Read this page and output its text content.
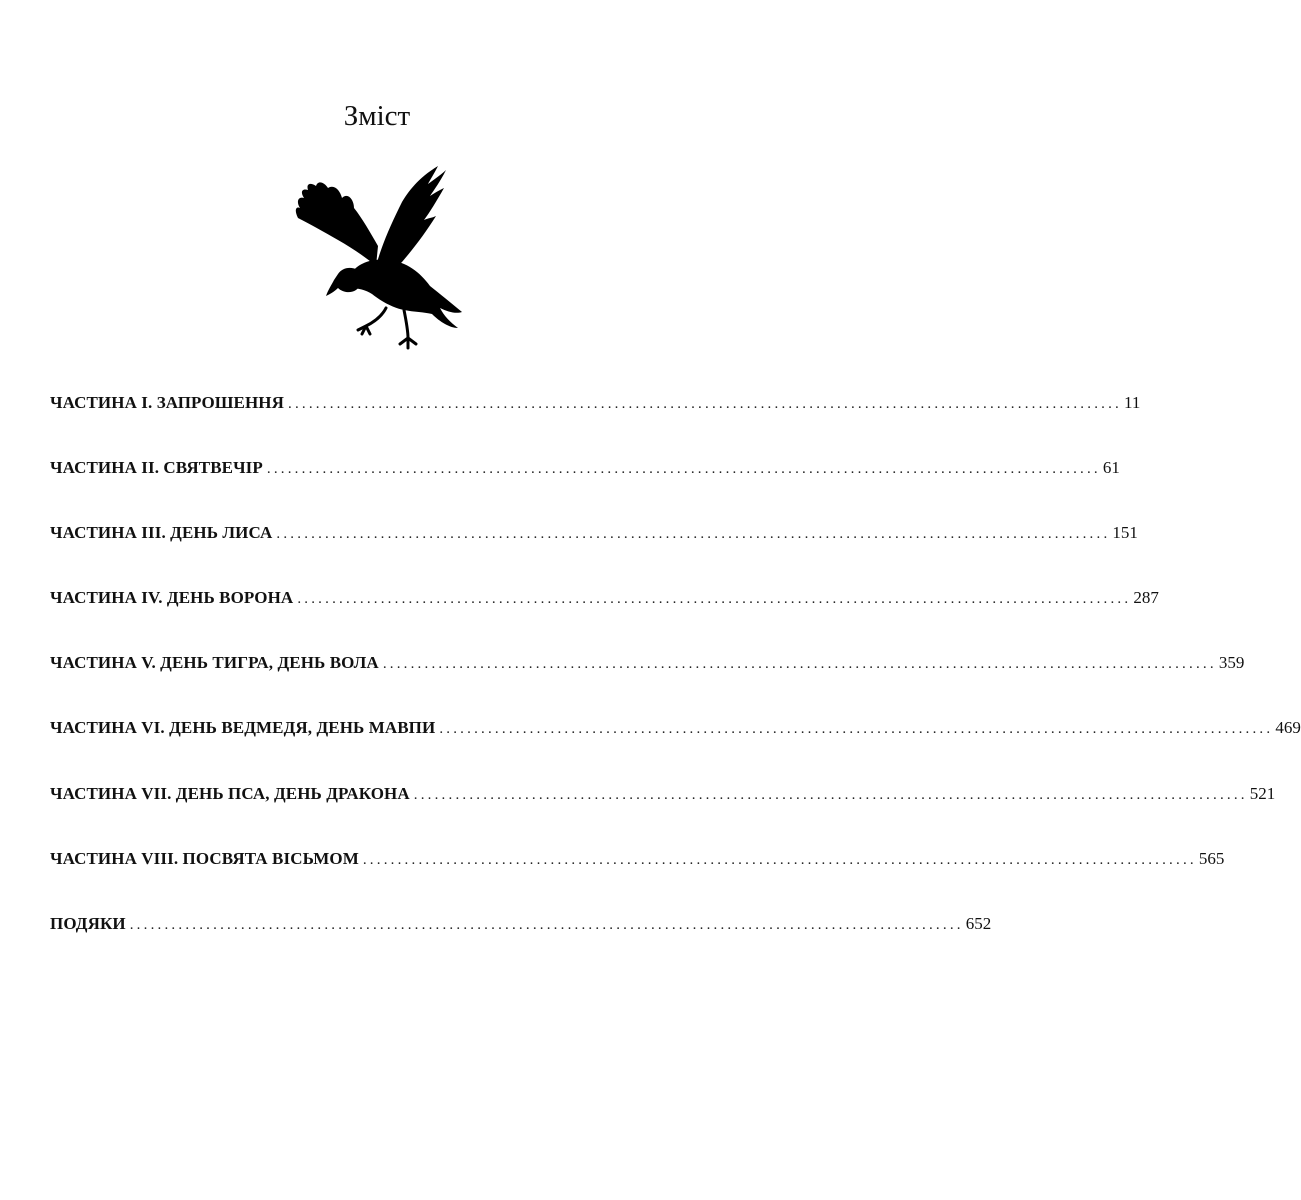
Зміст
ЧАСТИНА І. ЗАПРОШЕННЯ ........................................................................................................................ 11
ЧАСТИНА ІІ. СВЯТВЕЧІР ........................................................................................................................ 61
ЧАСТИНА ІІІ. ДЕНЬ ЛИСА ........................................................................................................................ 151
ЧАСТИНА IV. ДЕНЬ ВОРОНА ........................................................................................................................ 287
ЧАСТИНА V. ДЕНЬ ТИГРА, ДЕНЬ ВОЛА ........................................................................................................................ 359
ЧАСТИНА VI. ДЕНЬ ВЕДМЕДЯ, ДЕНЬ МАВПИ ........................................................................................................................ 469
ЧАСТИНА VII. ДЕНЬ ПСА, ДЕНЬ ДРАКОНА ........................................................................................................................ 521
ЧАСТИНА VIII. ПОСВЯТА ВІСЬМОМ ........................................................................................................................ 565
ПОДЯКИ ........................................................................................................................ 652
